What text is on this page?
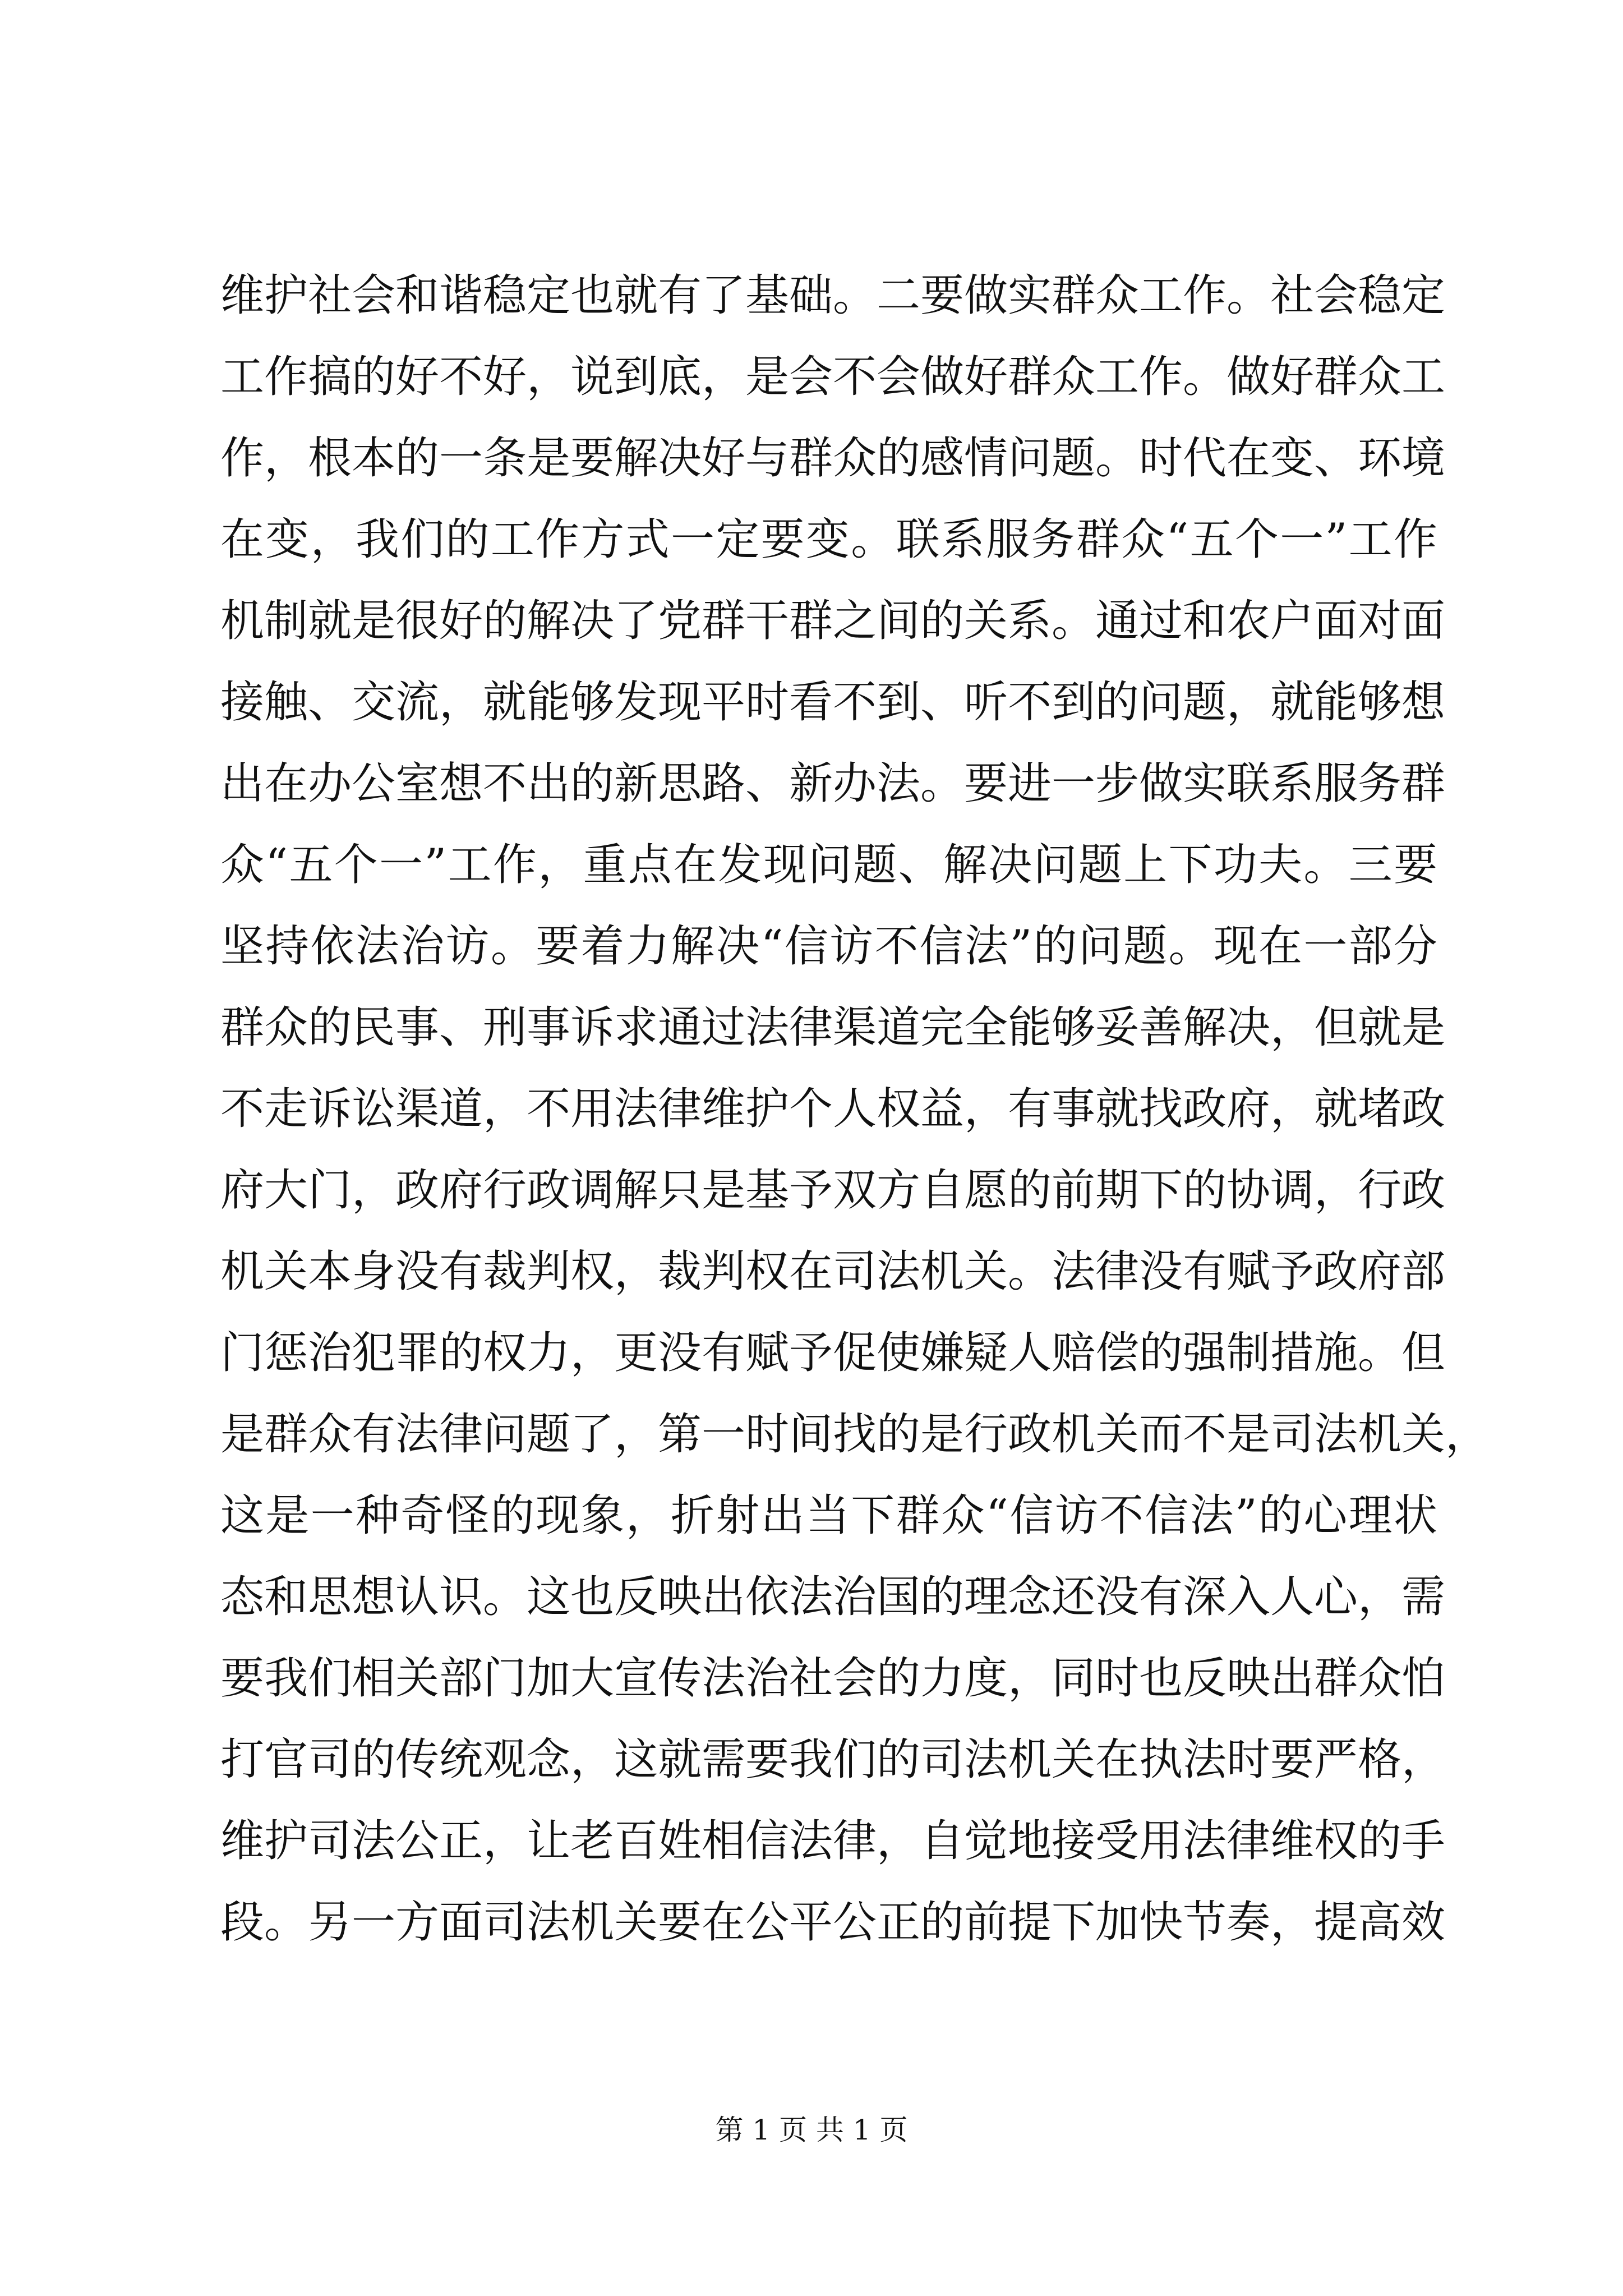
维护社会和谐稳定也就有了基础。二要做实群众工作。社会稳定
工作搞的好不好，说到底，是会不会做好群众工作。做好群众工
作，根本的一条是要解决好与群众的感情问题。时代在变、环境
在变，我们的工作方式一定要变。联系服务群众“五个一”工作
机制就是很好的解决了党群干群之间的关系。通过和农户面对面
接触、交流，就能够发现平时看不到、听不到的问题，就能够想
出在办公室想不出的新思路、新办法。要进一步做实联系服务群
众“五个一”工作，重点在发现问题、解决问题上下功夫。三要
坚持依法治访。要着力解决“信访不信法”的问题。现在一部分
群众的民事、刑事诉求通过法律渠道完全能够妥善解决，但就是
不走诉讼渠道，不用法律维护个人权益，有事就找政府，就堵政
府大门，政府行政调解只是基予双方自愿的前期下的协调，行政
机关本身没有裁判权，裁判权在司法机关。法律没有赋予政府部
门惩治犯罪的权力，更没有赋予促使嫌疑人赔偿的强制措施。但
是群众有法律问题了，第一时间找的是行政机关而不是司法机关，
这是一种奇怪的现象，折射出当下群众“信访不信法”的心理状
态和思想认识。这也反映出依法治国的理念还没有深入人心，需
要我们相关部门加大宣传法治社会的力度，同时也反映出群众怕
打官司的传统观念，这就需要我们的司法机关在执法时要严格，
维护司法公正，让老百姓相信法律，自觉地接受用法律维权的手
段。另一方面司法机关要在公平公正的前提下加快节奏，提高效
第 1 页 共 1 页
